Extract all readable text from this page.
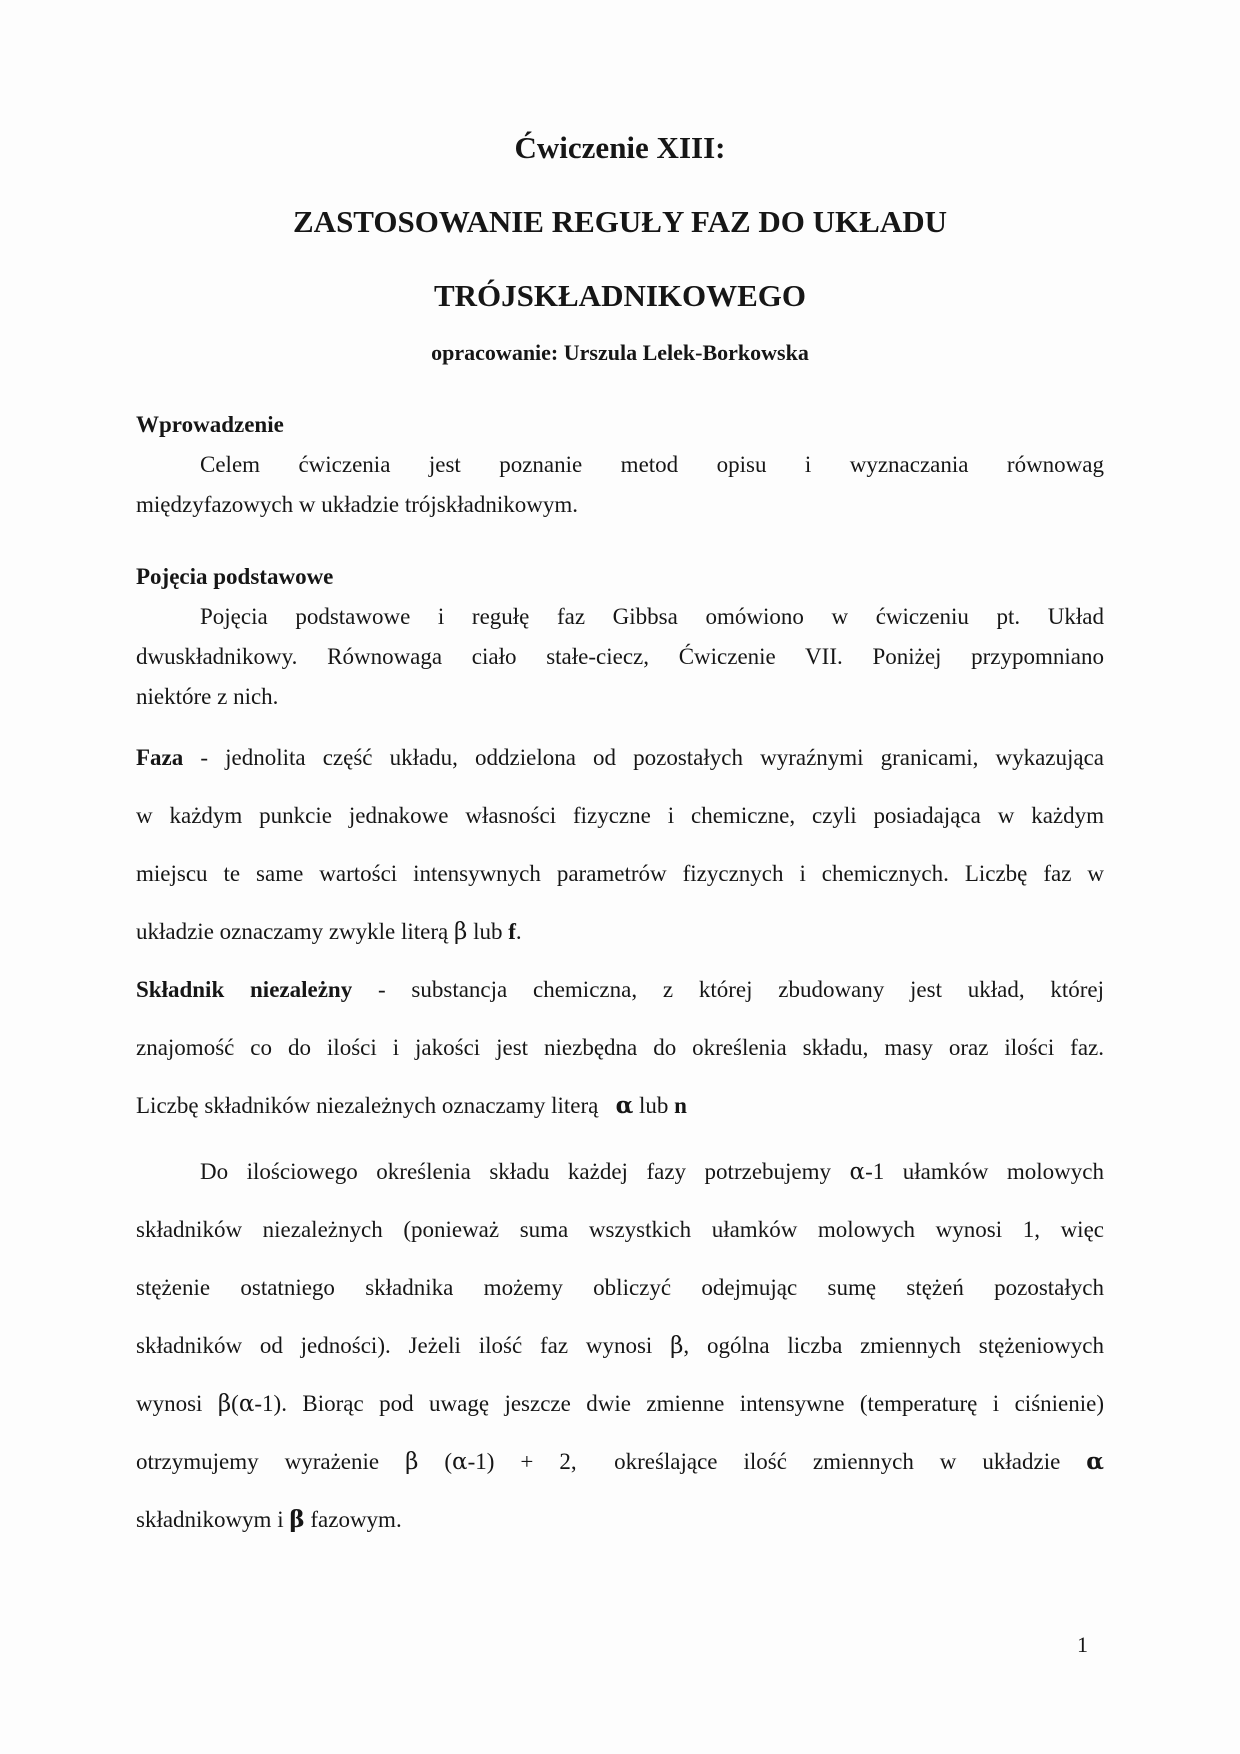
Ćwiczenie XIII:
ZASTOSOWANIE REGUŁY FAZ DO UKŁADU
TRÓJSKŁADNIKOWEGO
opracowanie: Urszula Lelek-Borkowska
Wprowadzenie
Celem ćwiczenia jest poznanie metod opisu i wyznaczania równowag
międzyfazowych w układzie trójskładnikowym.
Pojęcia podstawowe
Pojęcia podstawowe i regułę faz Gibbsa omówiono w ćwiczeniu pt. Układ
dwuskładnikowy. Równowaga ciało stałe-ciecz, Ćwiczenie VII. Poniżej przypomniano
niektóre z nich.
Faza - jednolita część układu, oddzielona od pozostałych wyraźnymi granicami, wykazująca
w każdym punkcie jednakowe własności fizyczne i chemiczne, czyli posiadająca w każdym
miejscu te same wartości intensywnych parametrów fizycznych i chemicznych. Liczbę faz w
układzie oznaczamy zwykle literą β lub f.
Składnik niezależny - substancja chemiczna, z której zbudowany jest układ, której
znajomość co do ilości i jakości jest niezbędna do określenia składu, masy oraz ilości faz.
Liczbę składników niezależnych oznaczamy literą  α lub n
Do ilościowego określenia składu każdej fazy potrzebujemy α-1 ułamków molowych
składników niezależnych (ponieważ suma wszystkich ułamków molowych wynosi 1, więc
stężenie ostatniego składnika możemy obliczyć odejmując sumę stężeń pozostałych
składników od jedności). Jeżeli ilość faz wynosi β, ogólna liczba zmiennych stężeniowych
wynosi β(α-1). Biorąc pod uwagę jeszcze dwie zmienne intensywne (temperaturę i ciśnienie)
otrzymujemy wyrażenie β (α-1) + 2,  określające ilość zmiennych w układzie α
składnikowym i β fazowym.
1
